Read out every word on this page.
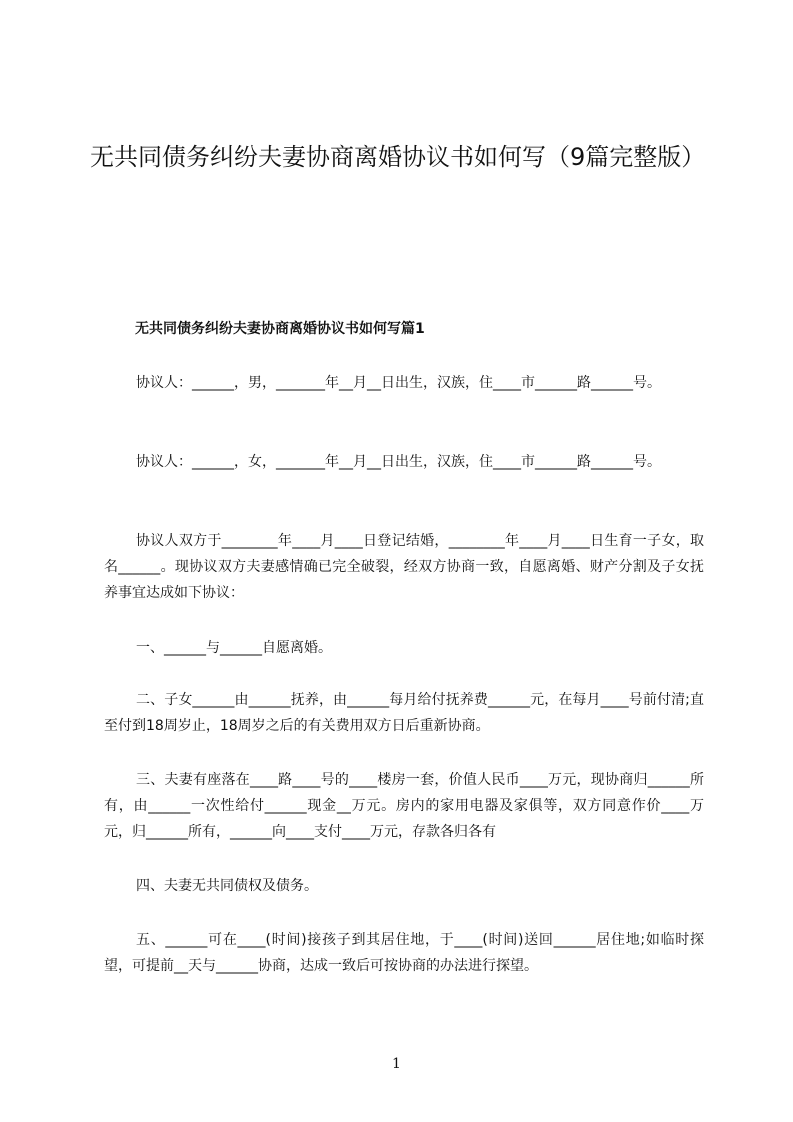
无共同债务纠纷夫妻协商离婚协议书如何写（9篇完整版）
无共同债务纠纷夫妻协商离婚协议书如何写篇1

协议人：______，男，_______年__月__日出生，汉族，住____市______路______号。

协议人：______，女，_______年__月__日出生，汉族，住____市______路______号。

协议人双方于________年____月____日登记结婚，________年____月____日生育一子女，取名______。现协议双方夫妻感情确已完全破裂，经双方协商一致，自愿离婚、财产分割及子女抚养事宜达成如下协议：

一、______与______自愿离婚。

二、子女______由______抚养，由______每月给付抚养费______元，在每月____号前付清;直至付到18周岁止，18周岁之后的有关费用双方日后重新协商。

三、夫妻有座落在____路____号的____楼房一套，价值人民币____万元，现协商归______所有，由______一次性给付______现金__万元。房内的家用电器及家俱等，双方同意作价____万元，归______所有，______向____支付____万元，存款各归各有

四、夫妻无共同债权及债务。

五、______可在____(时间)接孩子到其居住地，于____(时间)送回______居住地;如临时探望，可提前__天与______协商，达成一致后可按协商的办法进行探望。

1
